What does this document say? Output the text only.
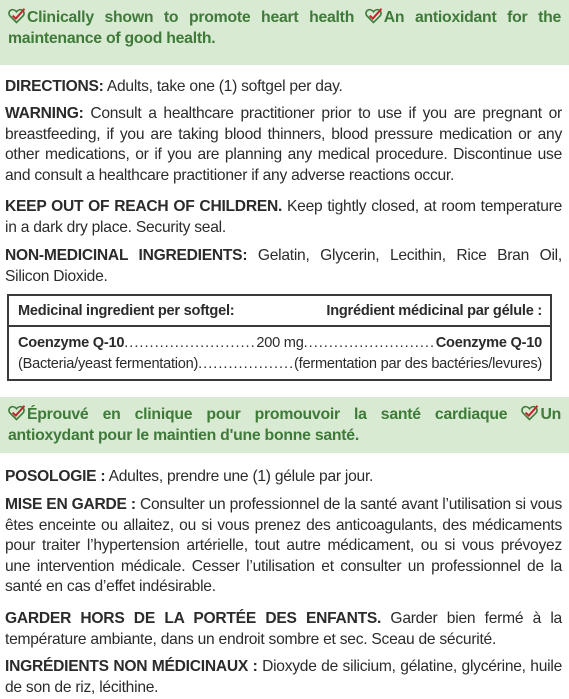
Clinically shown to promote heart health An antioxidant for the maintenance of good health.
DIRECTIONS: Adults, take one (1) softgel per day.
WARNING: Consult a healthcare practitioner prior to use if you are pregnant or breastfeeding, if you are taking blood thinners, blood pressure medication or any other medications, or if you are planning any medical procedure. Discontinue use and consult a healthcare practitioner if any adverse reactions occur.
KEEP OUT OF REACH OF CHILDREN. Keep tightly closed, at room temperature in a dark dry place. Security seal.
NON-MEDICINAL INGREDIENTS: Gelatin, Glycerin, Lecithin, Rice Bran Oil, Silicon Dioxide.
Medicinal ingredient per softgel:	Ingrédient médicinal par gélule :
Coenzyme Q-10 .....	200 mg .....	Coenzyme Q-10
(Bacteria/yeast fermentation) .....	(fermentation par des bactéries/levures)
Éprouvé en clinique pour promouvoir la santé cardiaque Un antioxydant pour le maintien d'une bonne santé.
POSOLOGIE : Adultes, prendre une (1) gélule par jour.
MISE EN GARDE : Consulter un professionnel de la santé avant l’utilisation si vous êtes enceinte ou allaitez, ou si vous prenez des anticoagulants, des médicaments pour traiter l’hypertension artérielle, tout autre médicament, ou si vous prévoyez une intervention médicale. Cesser l’utilisation et consulter un professionnel de la santé en cas d’effet indésirable.
GARDER HORS DE LA PORTÉE DES ENFANTS. Garder bien fermé à la température ambiante, dans un endroit sombre et sec. Sceau de sécurité.
INGRÉDIENTS NON MÉDICINAUX : Dioxyde de silicium, gélatine, glycérine, huile de son de riz, lécithine.
